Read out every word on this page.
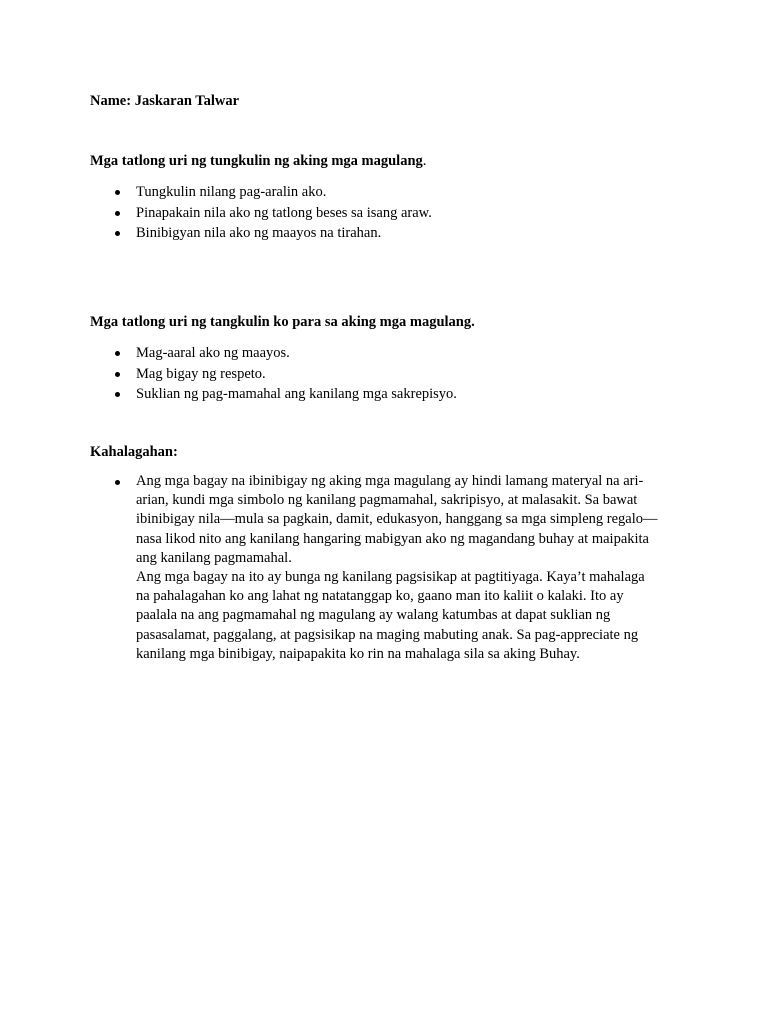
Name: Jaskaran Talwar
Mga tatlong uri ng tungkulin ng aking mga magulang.
Tungkulin nilang pag-aralin ako.
Pinapakain nila ako ng tatlong beses sa isang araw.
Binibigyan nila ako ng maayos na tirahan.
Mga tatlong uri ng tangkulin ko para sa aking mga magulang.
Mag-aaral ako ng maayos.
Mag bigay ng respeto.
Suklian ng pag-mamahal ang kanilang mga sakrepisyo.
Kahalagahan:
Ang mga bagay na ibinibigay ng aking mga magulang ay hindi lamang materyal na ari-
arian, kundi mga simbolo ng kanilang pagmamahal, sakripisyo, at malasakit. Sa bawat
ibinibigay nila—mula sa pagkain, damit, edukasyon, hanggang sa mga simpleng regalo—
nasa likod nito ang kanilang hangaring mabigyan ako ng magandang buhay at maipakita
ang kanilang pagmamahal.
Ang mga bagay na ito ay bunga ng kanilang pagsisikap at pagtitiyaga. Kaya’t mahalaga
na pahalagahan ko ang lahat ng natatanggap ko, gaano man ito kaliit o kalaki. Ito ay
paalala na ang pagmamahal ng magulang ay walang katumbas at dapat suklian ng
pasasalamat, paggalang, at pagsisikap na maging mabuting anak. Sa pag-appreciate ng
kanilang mga binibigay, naipapakita ko rin na mahalaga sila sa aking Buhay.
